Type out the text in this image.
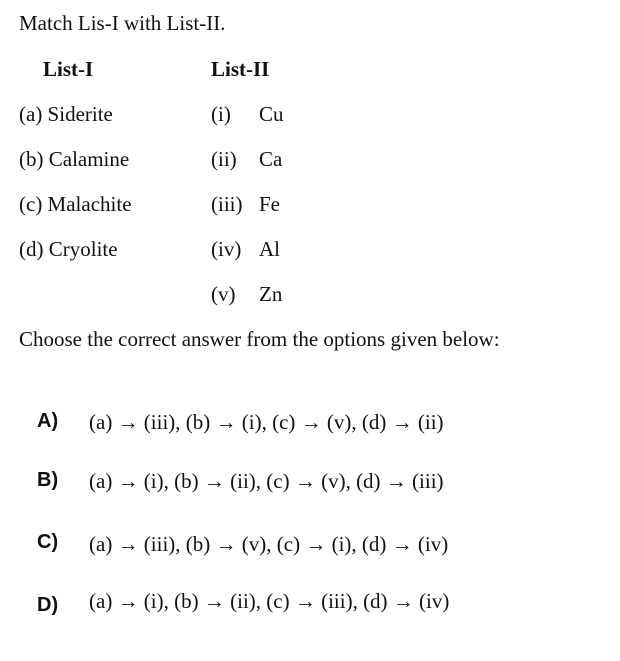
Match Lis-I with List-II.
List-I	List-II
(a) Siderite
(b) Calamine
(c) Malachite
(d) Cryolite
(i) Cu
(ii) Ca
(iii) Fe
(iv) Al
(v) Zn
Choose the correct answer from the options given below:
A) (a) → (iii), (b) → (i), (c) → (v), (d) → (ii)
B) (a) → (i), (b) → (ii), (c) → (v), (d) → (iii)
C) (a) → (iii), (b) → (v), (c) → (i), (d) → (iv)
D) (a) → (i), (b) → (ii), (c) → (iii), (d) → (iv)
